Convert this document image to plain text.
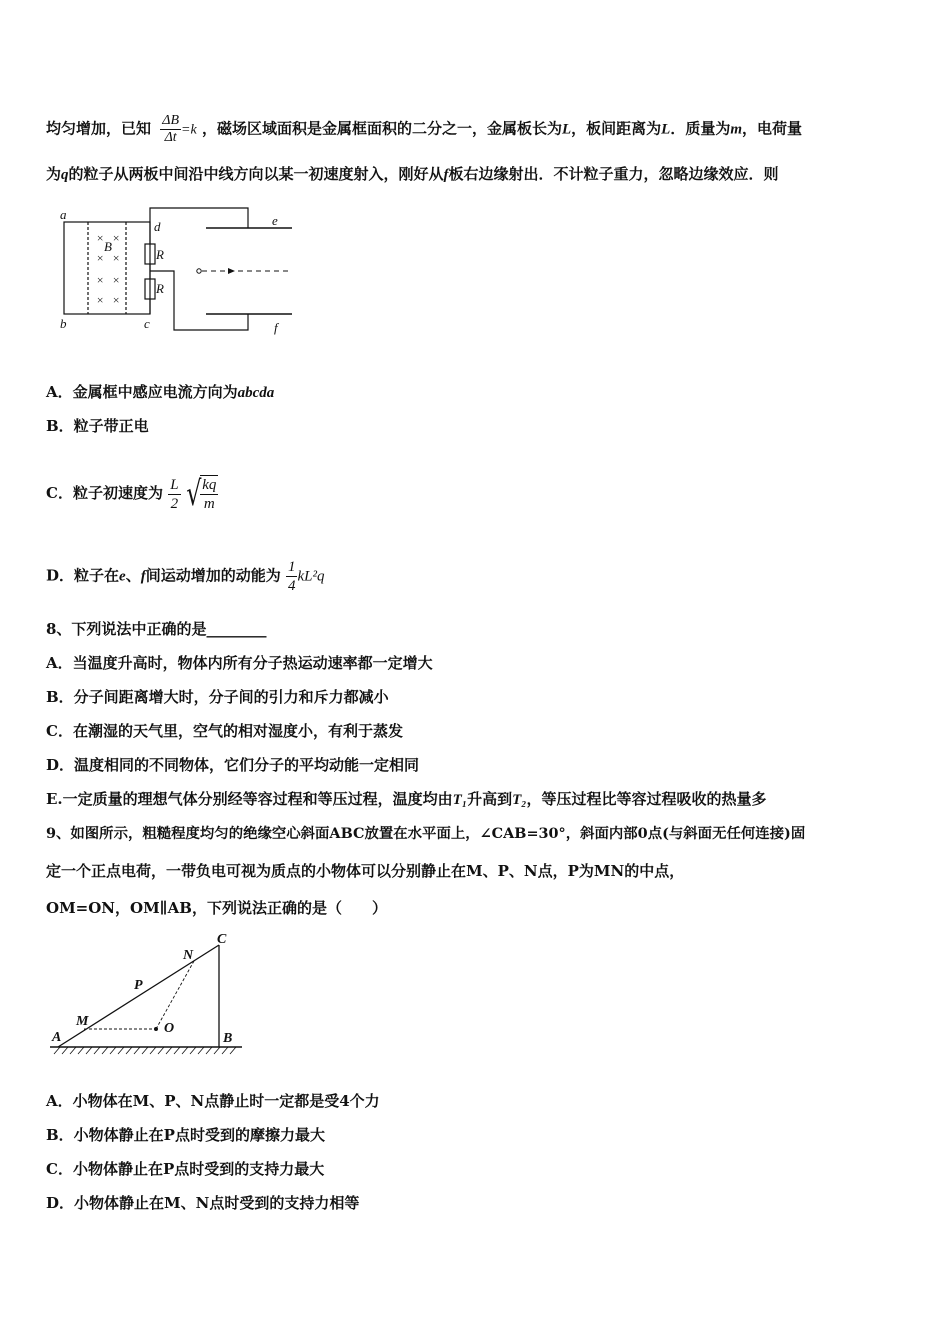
均匀增加，已知 $\frac{\Delta B}{\Delta t} =k$ ，磁场区域面积是金属框面积的二分之一，金属板长为L，板间距离为L．质量为m，电荷量
为q的粒子从两板中间沿中线方向以某一初速度射入，刚好从f板右边缘射出．不计粒子重力，忽略边缘效应．则
× ×
× ×
× ×
× ×
a
b	c
d	e
f
B
R
R
A．金属框中感应电流方向为abcda
B．粒子带正电
C．粒子初速度为 $\frac{L}{2}$ √ $\frac{kq}{m}$
D．粒子在e、f间运动增加的动能为 $\frac{1}{4} kL^2q$
8、下列说法中正确的是________
A．当温度升高时，物体内所有分子热运动速率都一定增大
B．分子间距离增大时，分子间的引力和斥力都减小
C．在潮湿的天气里，空气的相对湿度小，有利于蒸发
D．温度相同的不同物体，它们分子的平均动能一定相同
E.一定质量的理想气体分别经等容过程和等压过程，温度均由T₁升高到T₂，等压过程比等容过程吸收的热量多
9、如图所示，粗糙程度均匀的绝缘空心斜面ABC放置在水平面上，∠CAB=30°，斜面内部0点(与斜面无任何连接)固
定一个正点电荷，一带负电可视为质点的小物体可以分别静止在M、P、N点，P为MN的中点，
OM=ON，OM∥AB，下列说法正确的是（　　）
A	B
C
M
N
P
O
A．小物体在M、P、N点静止时一定都是受4个力
B．小物体静止在P点时受到的摩擦力最大
C．小物体静止在P点时受到的支持力最大
D．小物体静止在M、N点时受到的支持力相等
